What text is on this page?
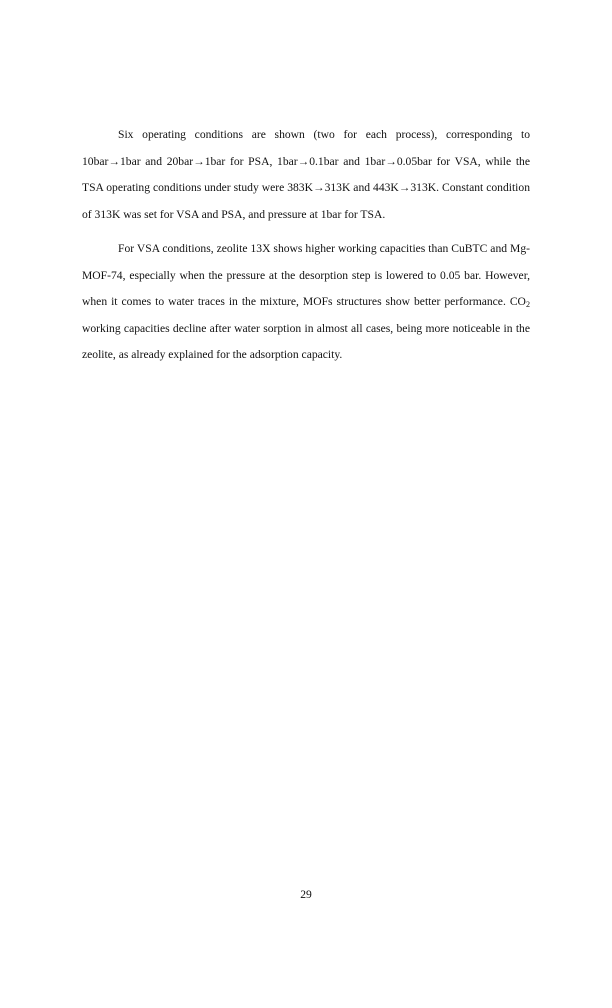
Six operating conditions are shown (two for each process), corresponding to 10bar→1bar and 20bar→1bar for PSA, 1bar→0.1bar and 1bar→0.05bar for VSA, while the TSA operating conditions under study were 383K→313K and 443K→313K. Constant condition of 313K was set for VSA and PSA, and pressure at 1bar for TSA.

For VSA conditions, zeolite 13X shows higher working capacities than CuBTC and Mg-MOF-74, especially when the pressure at the desorption step is lowered to 0.05 bar. However, when it comes to water traces in the mixture, MOFs structures show better performance. $CO_2$ working capacities decline after water sorption in almost all cases, being more noticeable in the zeolite, as already explained for the adsorption capacity.

29
